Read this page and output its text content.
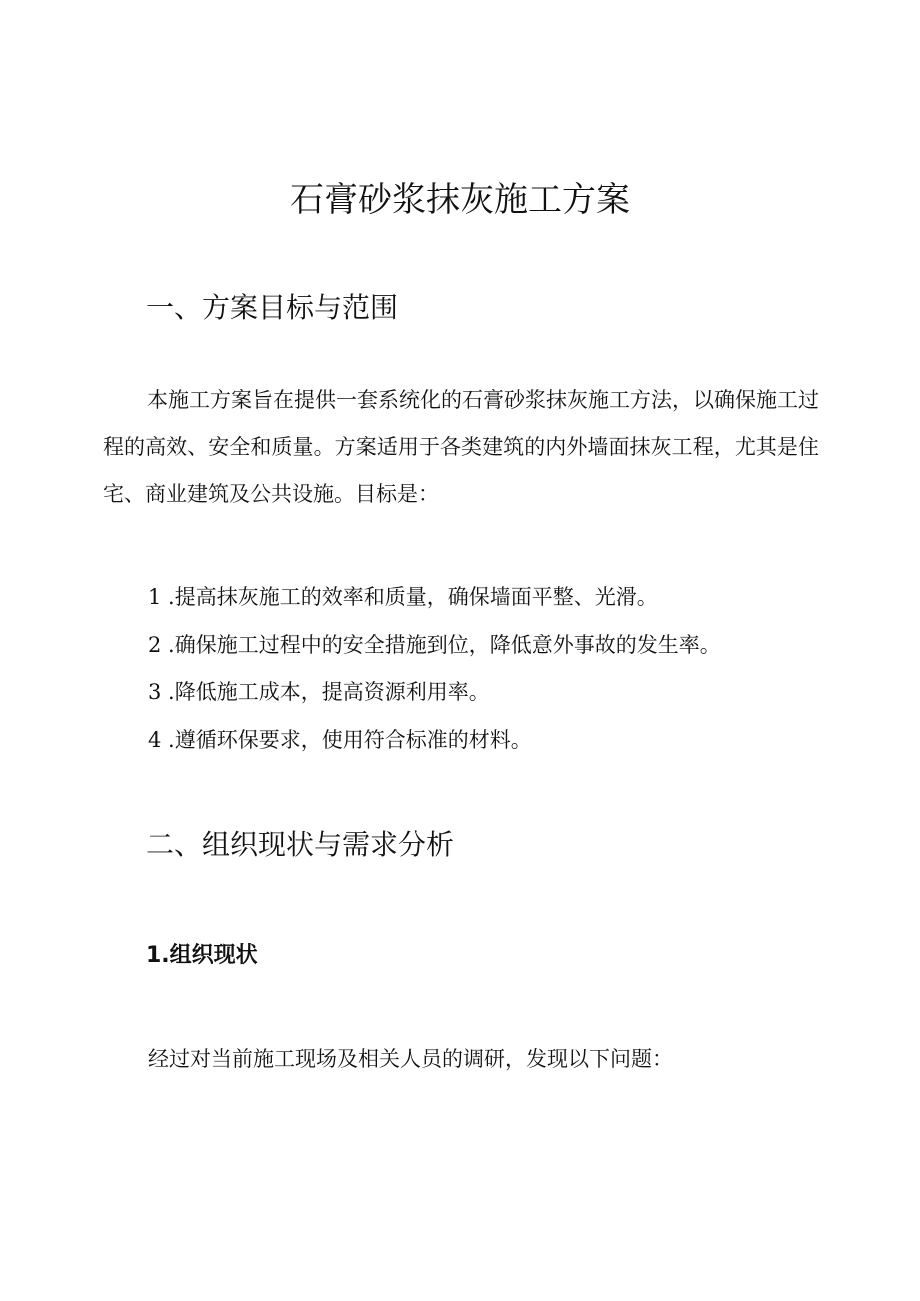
石膏砂浆抹灰施工方案
一、方案目标与范围

本施工方案旨在提供一套系统化的石膏砂浆抹灰施工方法，以确保施工过程的高效、安全和质量。方案适用于各类建筑的内外墙面抹灰工程，尤其是住宅、商业建筑及公共设施。目标是：

1 .提高抹灰施工的效率和质量，确保墙面平整、光滑。
2 .确保施工过程中的安全措施到位，降低意外事故的发生率。
3 .降低施工成本，提高资源利用率。
4 .遵循环保要求，使用符合标准的材料。
二、组织现状与需求分析
1.组织现状

经过对当前施工现场及相关人员的调研，发现以下问题：
